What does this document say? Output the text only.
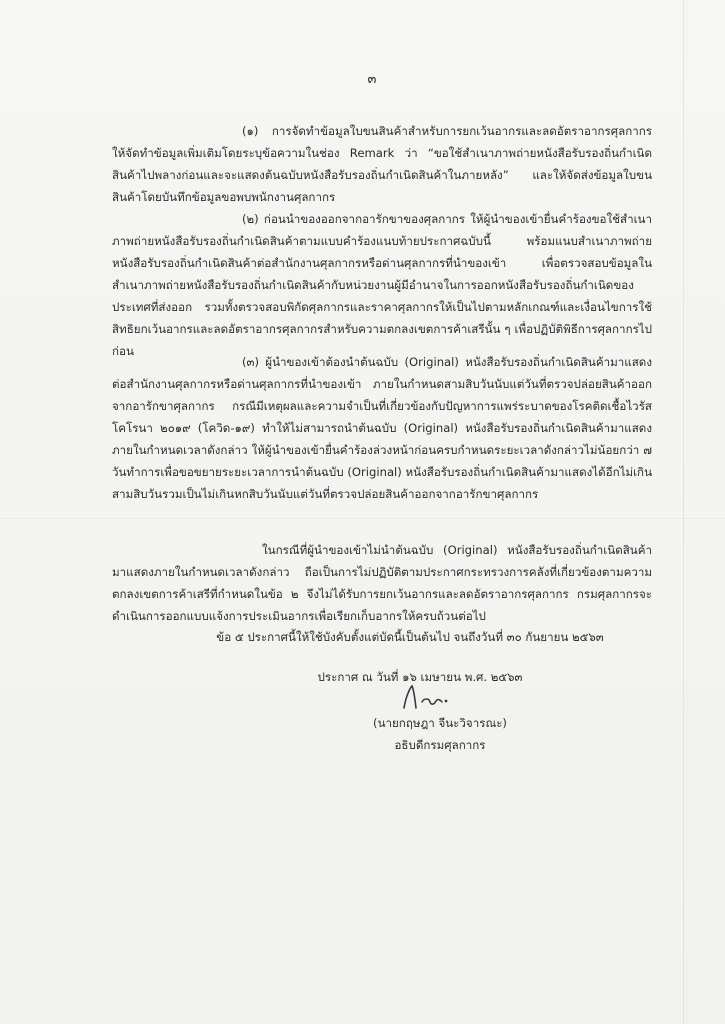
๓

(๑) การจัดทำข้อมูลใบขนสินค้าสำหรับการยกเว้นอากรและลดอัตราอากรศุลกากร ให้จัดทำข้อมูลเพิ่มเติมโดยระบุข้อความในช่อง Remark ว่า “ขอใช้สำเนาภาพถ่ายหนังสือรับรองถิ่นกำเนิดสินค้าไปพลางก่อนและจะแสดงต้นฉบับหนังสือรับรองถิ่นกำเนิดสินค้าในภายหลัง” และให้จัดส่งข้อมูลใบขนสินค้าโดยบันทึกข้อมูลขอพบพนักงานศุลกากร

(๒) ก่อนนำของออกจากอารักขาของศุลกากร ให้ผู้นำของเข้ายื่นคำร้องขอใช้สำเนาภาพถ่ายหนังสือรับรองถิ่นกำเนิดสินค้าตามแบบคำร้องแนบท้ายประกาศฉบับนี้ พร้อมแนบสำเนาภาพถ่ายหนังสือรับรองถิ่นกำเนิดสินค้าต่อสำนักงานศุลกากรหรือด่านศุลกากรที่นำของเข้า เพื่อตรวจสอบข้อมูลในสำเนาภาพถ่ายหนังสือรับรองถิ่นกำเนิดสินค้ากับหน่วยงานผู้มีอำนาจในการออกหนังสือรับรองถิ่นกำเนิดของประเทศที่ส่งออก รวมทั้งตรวจสอบพิกัดศุลกากรและราคาศุลกากรให้เป็นไปตามหลักเกณฑ์และเงื่อนไขการใช้สิทธิยกเว้นอากรและลดอัตราอากรศุลกากรสำหรับความตกลงเขตการค้าเสรีนั้น ๆ เพื่อปฏิบัติพิธีการศุลกากรไปก่อน

(๓) ผู้นำของเข้าต้องนำต้นฉบับ (Original) หนังสือรับรองถิ่นกำเนิดสินค้ามาแสดงต่อสำนักงานศุลกากรหรือด่านศุลกากรที่นำของเข้า ภายในกำหนดสามสิบวันนับแต่วันที่ตรวจปล่อยสินค้าออกจากอารักขาศุลกากร กรณีมีเหตุผลและความจำเป็นที่เกี่ยวข้องกับปัญหาการแพร่ระบาดของโรคติดเชื้อไวรัสโคโรนา ๒๐๑๙ (โควิด-๑๙) ทำให้ไม่สามารถนำต้นฉบับ (Original) หนังสือรับรองถิ่นกำเนิดสินค้ามาแสดงภายในกำหนดเวลาดังกล่าว ให้ผู้นำของเข้ายื่นคำร้องล่วงหน้าก่อนครบกำหนดระยะเวลาดังกล่าวไม่น้อยกว่า ๗ วันทำการเพื่อขอขยายระยะเวลาการนำต้นฉบับ (Original) หนังสือรับรองถิ่นกำเนิดสินค้ามาแสดงได้อีกไม่เกินสามสิบวันรวมเป็นไม่เกินหกสิบวันนับแต่วันที่ตรวจปล่อยสินค้าออกจากอารักขาศุลกากร

ในกรณีที่ผู้นำของเข้าไม่นำต้นฉบับ (Original) หนังสือรับรองถิ่นกำเนิดสินค้ามาแสดงภายในกำหนดเวลาดังกล่าว ถือเป็นการไม่ปฏิบัติตามประกาศกระทรวงการคลังที่เกี่ยวข้องตามความตกลงเขตการค้าเสรีที่กำหนดในข้อ ๒ จึงไม่ได้รับการยกเว้นอากรและลดอัตราอากรศุลกากร กรมศุลกากรจะดำเนินการออกแบบแจ้งการประเมินอากรเพื่อเรียกเก็บอากรให้ครบถ้วนต่อไป

ข้อ ๕ ประกาศนี้ให้ใช้บังคับตั้งแต่บัดนี้เป็นต้นไป จนถึงวันที่ ๓๐ กันยายน ๒๕๖๓
ประกาศ ณ วันที่ ๑๖ เมษายน พ.ศ. ๒๕๖๓
(นายกฤษฎา จีนะวิจารณะ)
อธิบดีกรมศุลกากร
